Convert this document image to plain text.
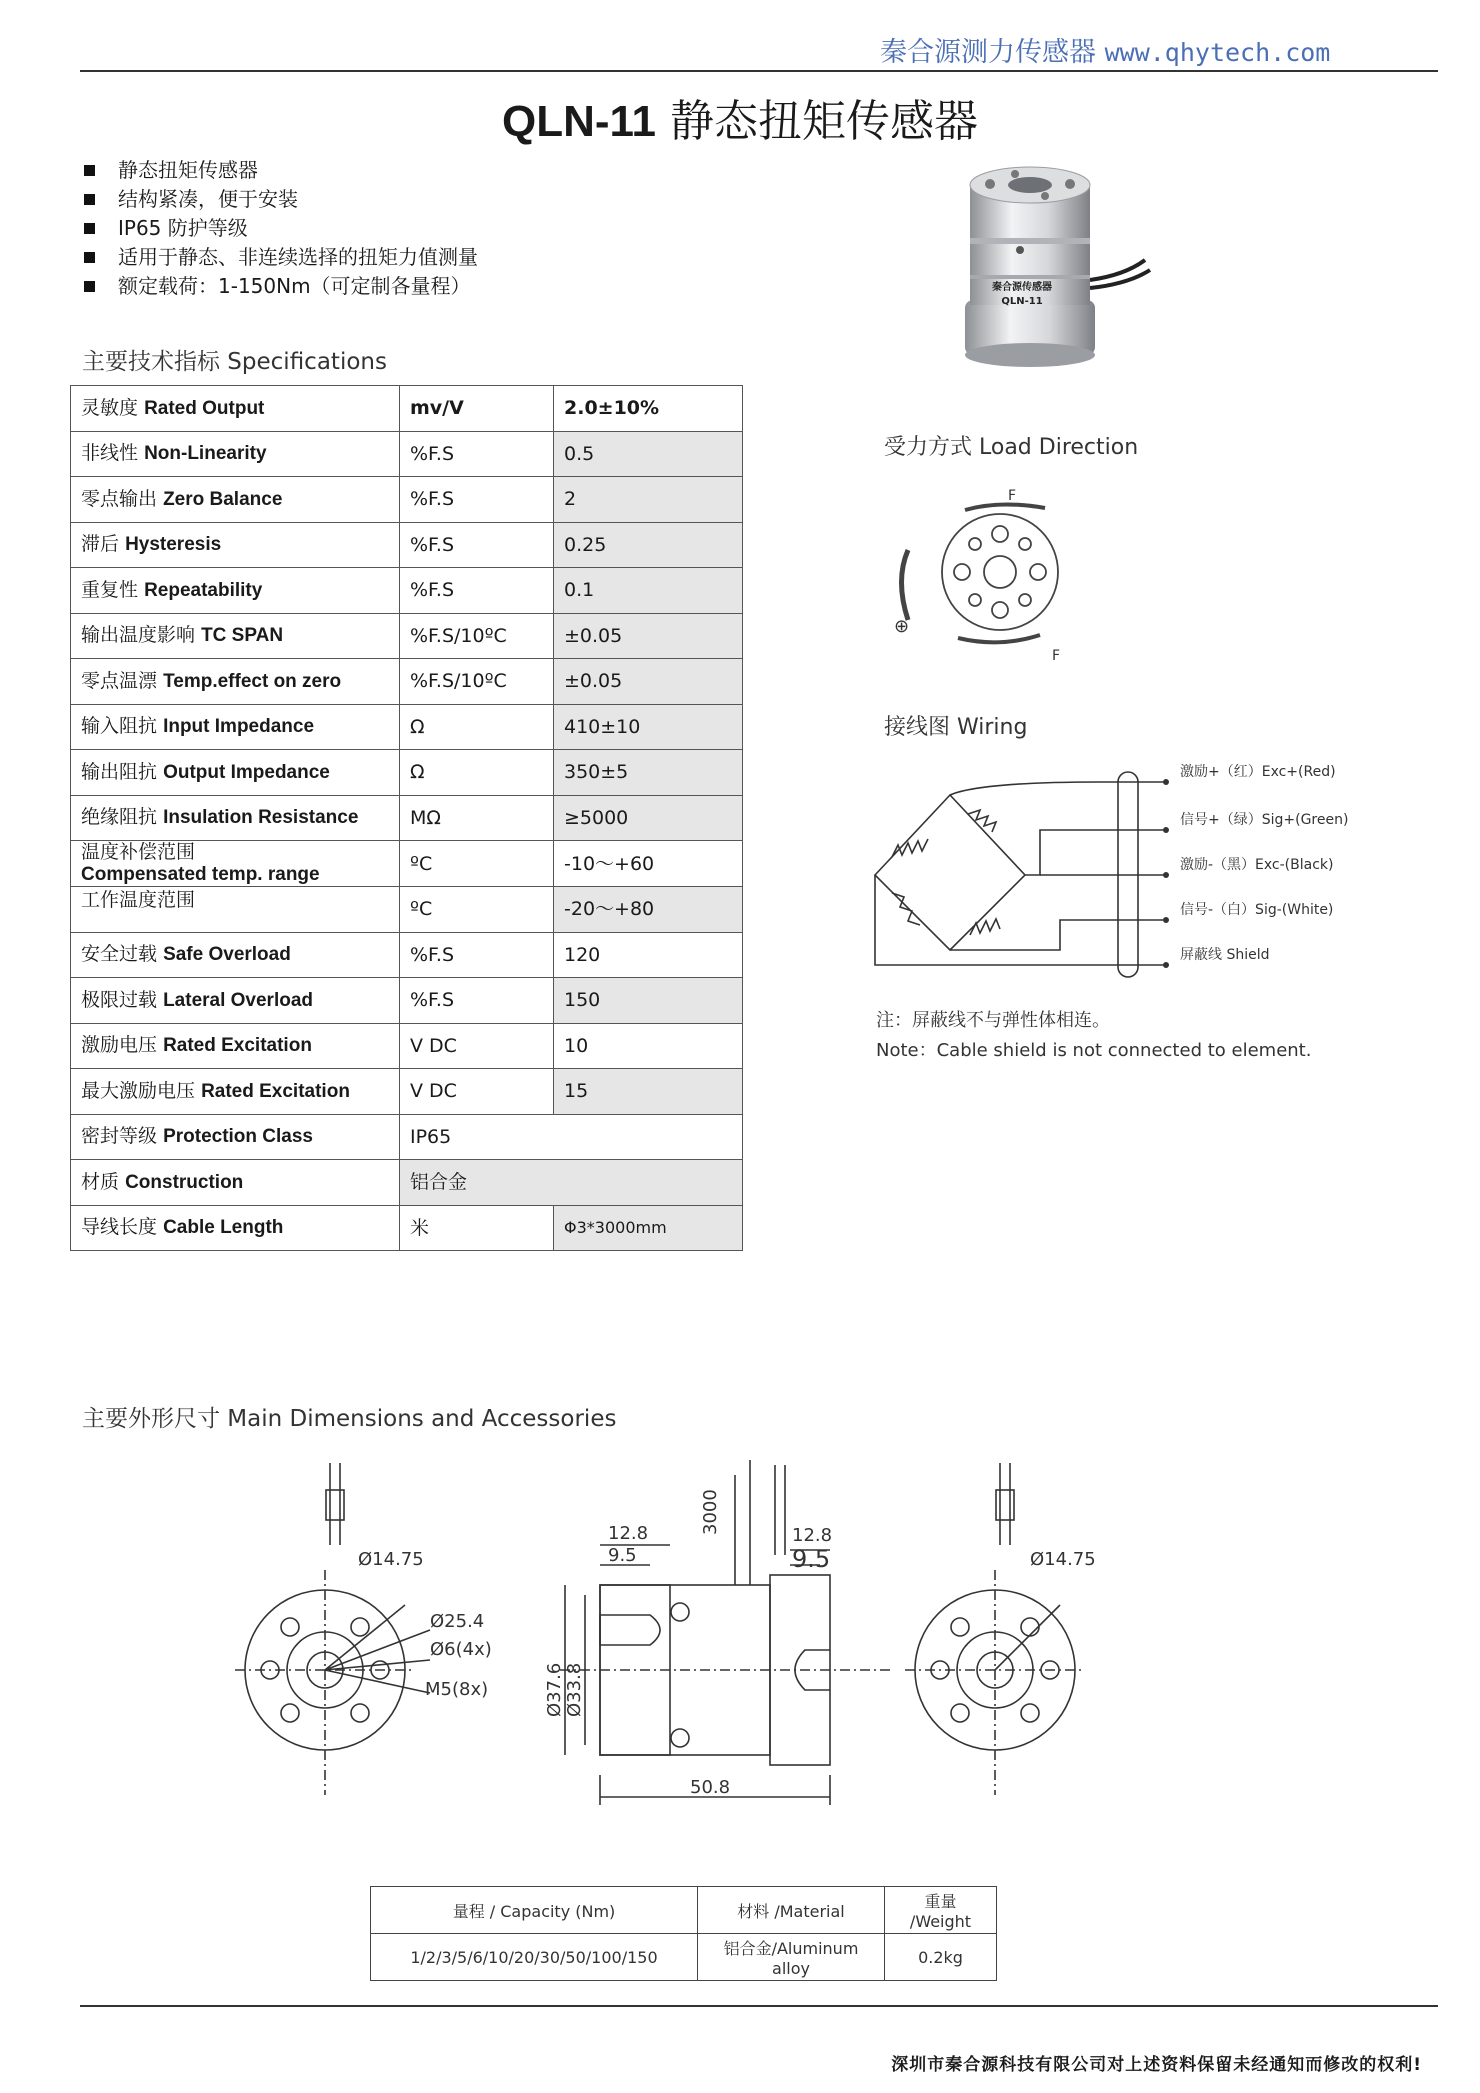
秦合源测力传感器 www.qhytech.com
QLN-11 静态扭矩传感器
静态扭矩传感器
结构紧凑，便于安装
IP65 防护等级
适用于静态、非连续选择的扭矩力值测量
额定载荷：1-150Nm（可定制各量程）	秦合源传感器
QLN-11
主要技术指标 Specifications
灵敏度 Rated Output	mv/V	2.0±10%
非线性 Non-Linearity	%F.S	0.5
零点输出 Zero Balance	%F.S	2
滞后 Hysteresis	%F.S	0.25
重复性 Repeatability	%F.S	0.1
输出温度影响 TC SPAN	%F.S/10ºC	±0.05
零点温漂 Temp.effect on zero	%F.S/10ºC	±0.05
输入阻抗 Input Impedance	Ω	410±10
输出阻抗 Output Impedance	Ω	350±5
绝缘阻抗 Insulation Resistance	MΩ	≥5000
温度补偿范围
Compensated temp. range	ºC	-10～+60
工作温度范围	ºC	-20～+80
安全过载 Safe Overload	%F.S	120
极限过载 Lateral Overload	%F.S	150
激励电压 Rated Excitation	V DC	10
最大激励电压 Rated Excitation	V DC	15
密封等级 Protection Class	IP65	
材质 Construction	铝合金	
导线长度 Cable Length	米	Φ3*3000mm
受力方式 Load Direction
F
F
⊕
接线图 Wiring
激励+（红）Exc+(Red)
信号+（绿）Sig+(Green)
激励-（黑）Exc-(Black)
信号-（白）Sig-(White)
屏蔽线 Shield
注：屏蔽线不与弹性体相连。
Note：Cable shield is not connected to element.
主要外形尺寸 Main Dimensions and Accessories
Ø14.75
Ø25.4
Ø6(4x)
M5(8x)
12.8
9.5
3000
12.8
9.5
Ø37.6 Ø33.8
50.8
Ø14.75
量程 / Capacity (Nm)	材料 /Material	重量 /Weight
1/2/3/5/6/10/20/30/50/100/150	铝合金/Aluminum alloy	0.2kg
深圳市秦合源科技有限公司对上述资料保留未经通知而修改的权利!
